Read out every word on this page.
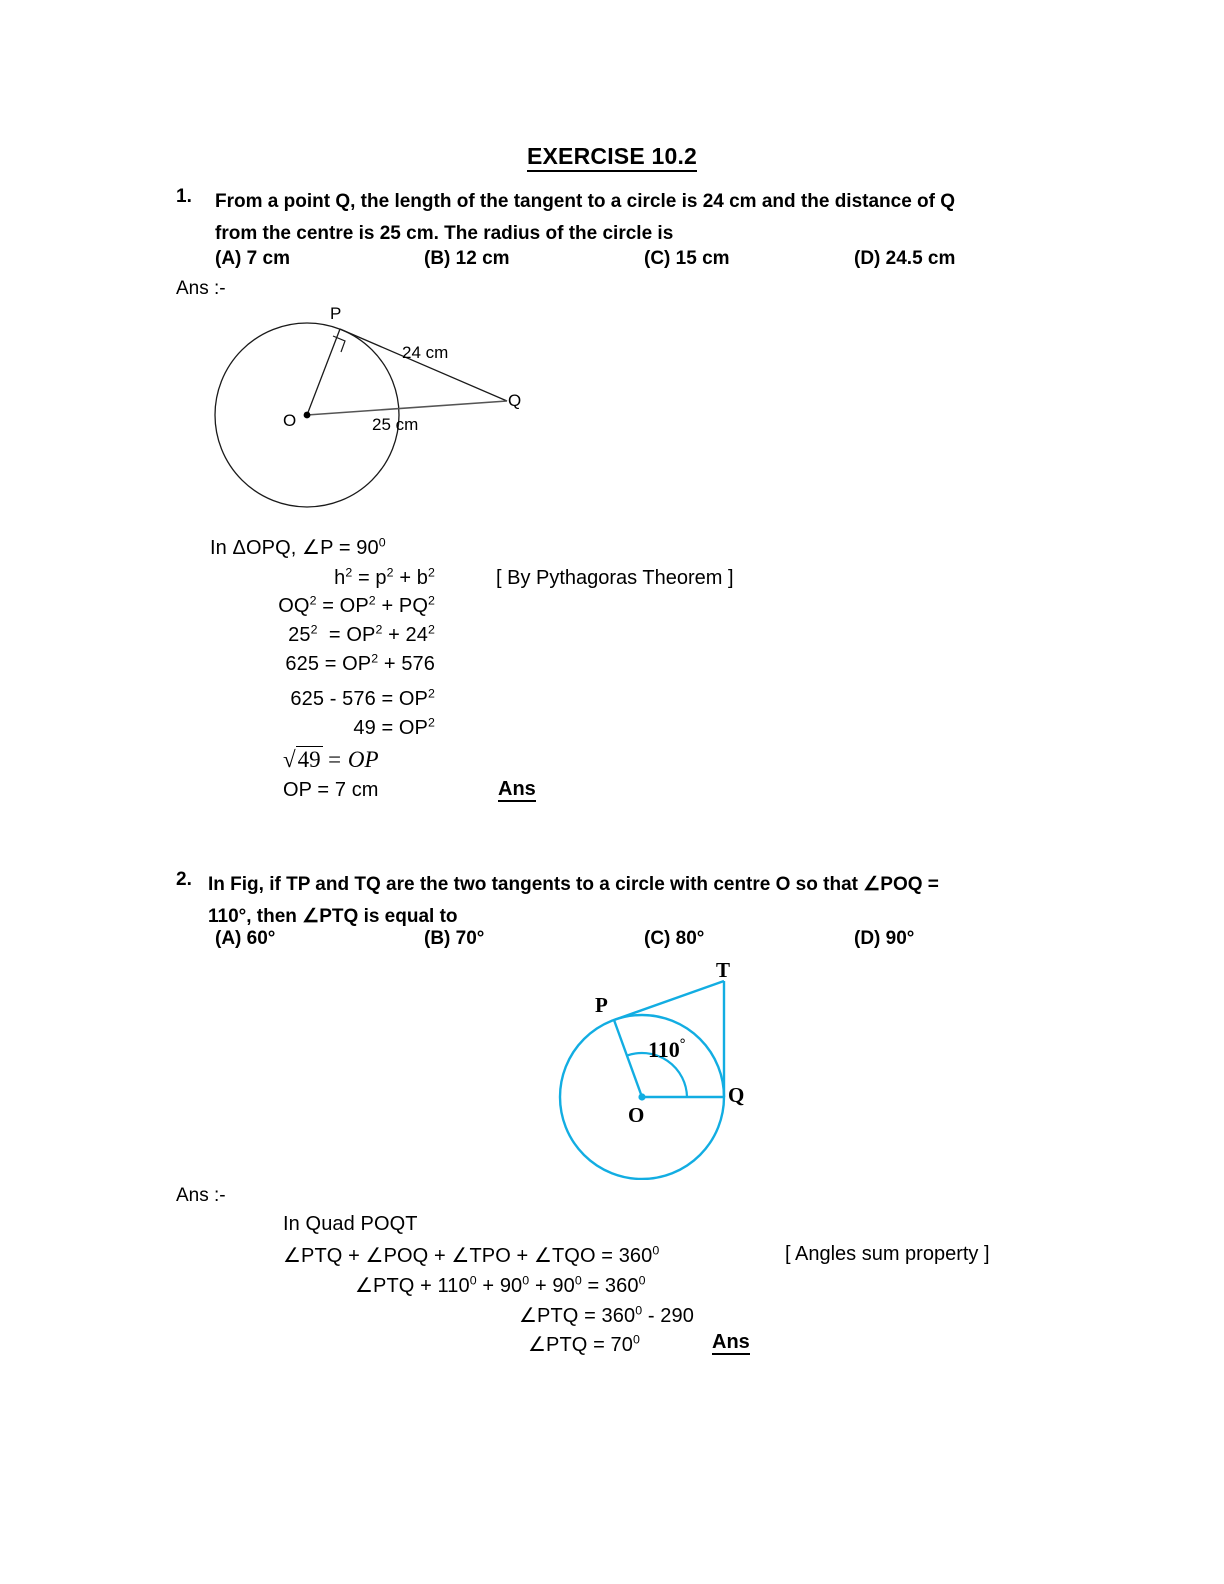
EXERCISE 10.2
1. From a point Q, the length of the tangent to a circle is 24 cm and the distance of Q
from the centre is 25 cm. The radius of the circle is
(A) 7 cm	(B) 12 cm	(C) 15 cm	(D) 24.5 cm
Ans :-
P
Q
O
24 cm
25 cm
In ΔOPQ, ∠P = $90^0$
$h^2 = p^2 + b^2$	[ By Pythagoras Theorem ]
$OQ^2 = OP^2 + PQ^2$
$25^2 = OP^2 + 24^2$
$625 = OP^2 + 576$
$625 - 576 = OP^2$
$49 = OP^2$
√49 = OP
OP = 7 cm	Ans
2. In Fig, if TP and TQ are the two tangents to a circle with centre O so that ∠POQ =
110°, then ∠PTQ is equal to
(A) 60°	(B) 70°	(C) 80°	(D) 90°
T
P
Q
O
110°
Ans :-
In Quad POQT
∠PTQ + ∠POQ + ∠TPO + ∠TQO = $360^0$	[ Angles sum property ]
∠PTQ + $110^0 + 90^0 + 90^0 = 360^0$
∠PTQ = $360^0 - 290$
∠PTQ = $70^0$	Ans
